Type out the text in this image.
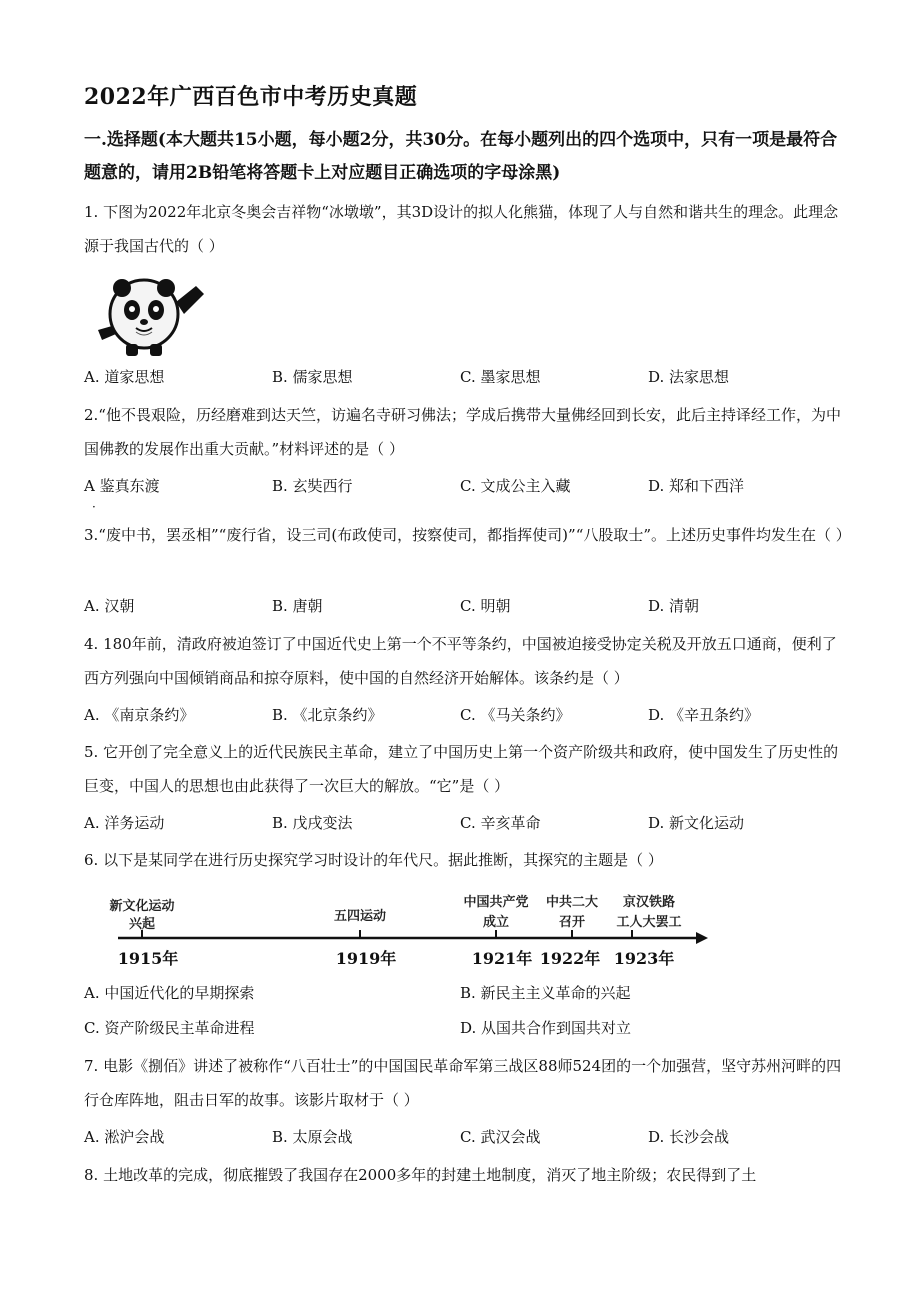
2022年广西百色市中考历史真题
一.选择题(本大题共15小题，每小题2分，共30分。在每小题列出的四个选项中，只有一项是最符合题意的，请用2B铅笔将答题卡上对应题目正确选项的字母涂黑)
1. 下图为2022年北京冬奥会吉祥物“冰墩墩”，其3D设计的拟人化熊猫，体现了人与自然和谐共生的理念。此理念源于我国古代的（ ）
A. 道家思想	B. 儒家思想	C. 墨家思想	D. 法家思想
2.“他不畏艰险，历经磨难到达天竺，访遍名寺研习佛法；学成后携带大量佛经回到长安，此后主持译经工作，为中国佛教的发展作出重大贡献。”材料评述的是（ ）
A 鉴真东渡	B. 玄奘西行	C. 文成公主入藏	D. 郑和下西洋
·
3.“废中书，罢丞相”“废行省，设三司(布政使司，按察使司，都指挥使司)”“八股取士”。上述历史事件均发生在（ ）
A. 汉朝	B. 唐朝	C. 明朝	D. 清朝
4. 180年前，清政府被迫签订了中国近代史上第一个不平等条约，中国被迫接受协定关税及开放五口通商，便利了西方列强向中国倾销商品和掠夺原料，使中国的自然经济开始解体。该条约是（ ）
A. 《南京条约》	B. 《北京条约》	C. 《马关条约》	D. 《辛丑条约》
5. 它开创了完全意义上的近代民族民主革命，建立了中国历史上第一个资产阶级共和政府，使中国发生了历史性的巨变，中国人的思想也由此获得了一次巨大的解放。“它”是（ ）
A. 洋务运动	B. 戊戌变法	C. 辛亥革命	D. 新文化运动
6. 以下是某同学在进行历史探究学习时设计的年代尺。据此推断，其探究的主题是（ ）
新文化运动
兴起
五四运动
中国共产党
成立
中共二大
召开
京汉铁路
工人大罢工
1915年	1919年	1921年 1922年 1923年
A. 中国近代化的早期探索	B. 新民主主义革命的兴起
C. 资产阶级民主革命进程	D. 从国共合作到国共对立
7. 电影《捌佰》讲述了被称作“八百壮士”的中国国民革命军第三战区88师524团的一个加强营，坚守苏州河畔的四行仓库阵地，阻击日军的故事。该影片取材于（ ）
A. 淞沪会战	B. 太原会战	C. 武汉会战	D. 长沙会战
8. 土地改革的完成，彻底摧毁了我国存在2000多年的封建土地制度，消灭了地主阶级；农民得到了土
